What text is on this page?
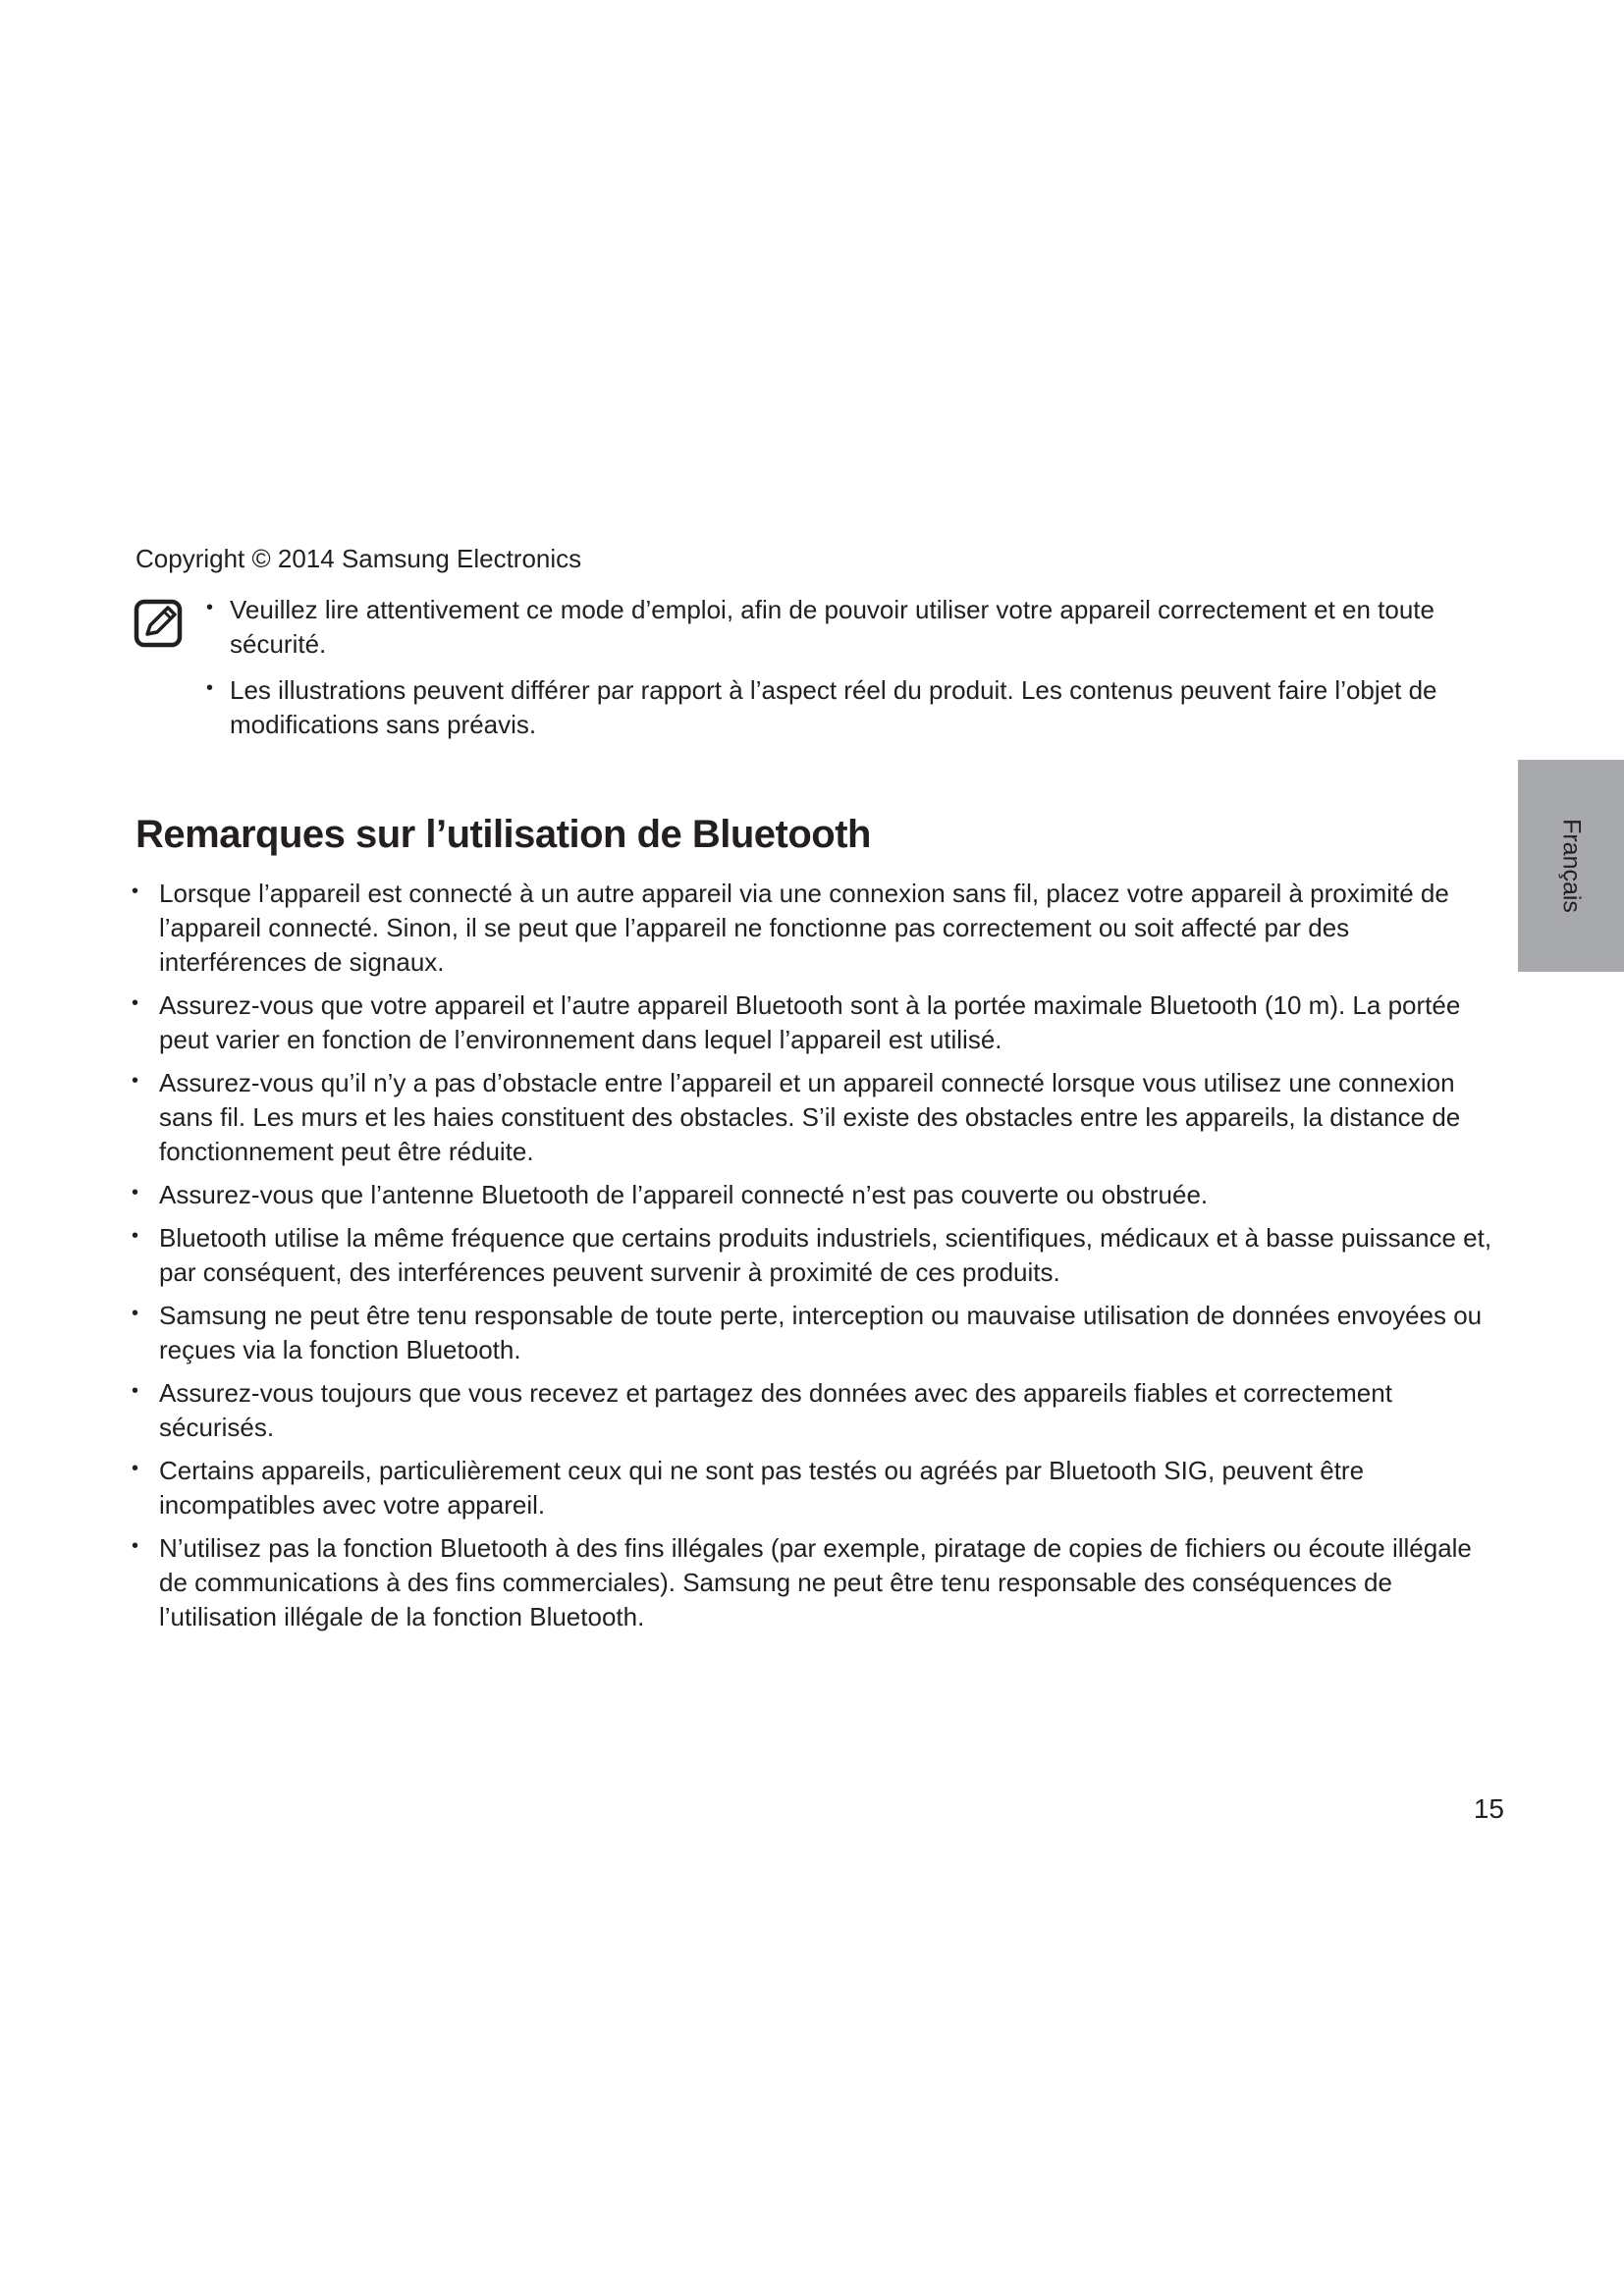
Copyright © 2014 Samsung Electronics
• Veuillez lire attentivement ce mode d’emploi, afin de pouvoir utiliser votre appareil correctement et en toute sécurité.
• Les illustrations peuvent différer par rapport à l’aspect réel du produit. Les contenus peuvent faire l’objet de modifications sans préavis.
Remarques sur l’utilisation de Bluetooth
• Lorsque l’appareil est connecté à un autre appareil via une connexion sans fil, placez votre appareil à proximité de l’appareil connecté. Sinon, il se peut que l’appareil ne fonctionne pas correctement ou soit affecté par des interférences de signaux.
• Assurez-vous que votre appareil et l’autre appareil Bluetooth sont à la portée maximale Bluetooth (10 m). La portée peut varier en fonction de l’environnement dans lequel l’appareil est utilisé.
• Assurez-vous qu’il n’y a pas d’obstacle entre l’appareil et un appareil connecté lorsque vous utilisez une connexion sans fil. Les murs et les haies constituent des obstacles. S’il existe des obstacles entre les appareils, la distance de fonctionnement peut être réduite.
• Assurez-vous que l’antenne Bluetooth de l’appareil connecté n’est pas couverte ou obstruée.
• Bluetooth utilise la même fréquence que certains produits industriels, scientifiques, médicaux et à basse puissance et, par conséquent, des interférences peuvent survenir à proximité de ces produits.
• Samsung ne peut être tenu responsable de toute perte, interception ou mauvaise utilisation de données envoyées ou reçues via la fonction Bluetooth.
• Assurez-vous toujours que vous recevez et partagez des données avec des appareils fiables et correctement sécurisés.
• Certains appareils, particulièrement ceux qui ne sont pas testés ou agréés par Bluetooth SIG, peuvent être incompatibles avec votre appareil.
• N’utilisez pas la fonction Bluetooth à des fins illégales (par exemple, piratage de copies de fichiers ou écoute illégale de communications à des fins commerciales). Samsung ne peut être tenu responsable des conséquences de l’utilisation illégale de la fonction Bluetooth.
Français
15
